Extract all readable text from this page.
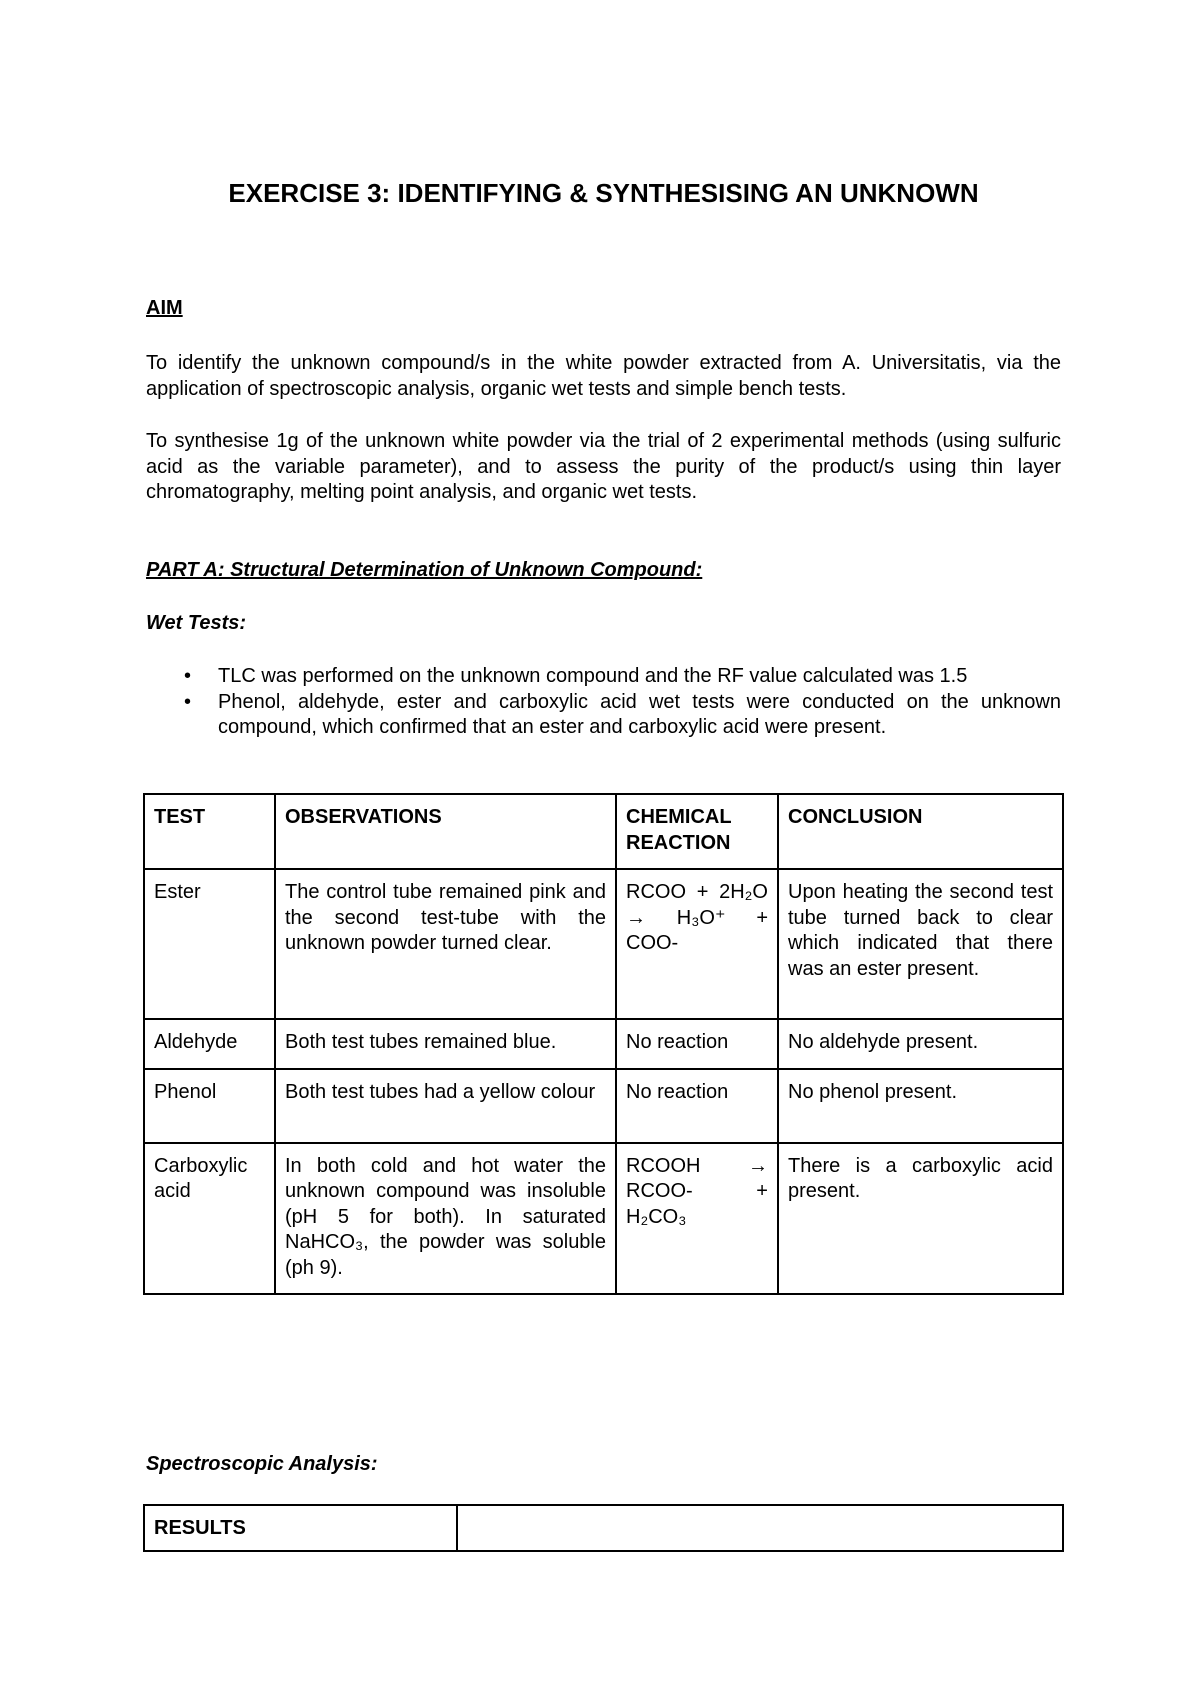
EXERCISE 3: IDENTIFYING & SYNTHESISING AN UNKNOWN
AIM

To identify the unknown compound/s in the white powder extracted from A. Universitatis, via the application of spectroscopic analysis, organic wet tests and simple bench tests.

To synthesise 1g of the unknown white powder via the trial of 2 experimental methods (using sulfuric acid as the variable parameter), and to assess the purity of the product/s using thin layer chromatography, melting point analysis, and organic wet tests.

PART A: Structural Determination of Unknown Compound:
Wet Tests:
• TLC was performed on the unknown compound and the RF value calculated was 1.5
• Phenol, aldehyde, ester and carboxylic acid wet tests were conducted on the unknown compound, which confirmed that an ester and carboxylic acid were present.
TEST	OBSERVATIONS	CHEMICAL REACTION	CONCLUSION
Ester	The control tube remained pink and the second test-tube with the unknown powder turned clear.	RCOO + 2H₂O → H₃O⁺ + COO-	Upon heating the second test tube turned back to clear which indicated that there was an ester present.
Aldehyde	Both test tubes remained blue.	No reaction	No aldehyde present.
Phenol	Both test tubes had a yellow colour	No reaction	No phenol present.
Carboxylic acid	In both cold and hot water the unknown compound was insoluble (pH 5 for both). In saturated NaHCO₃, the powder was soluble (ph 9).	RCOOH → RCOO- + H₂CO₃	There is a carboxylic acid present.
Spectroscopic Analysis:
RESULTS	
